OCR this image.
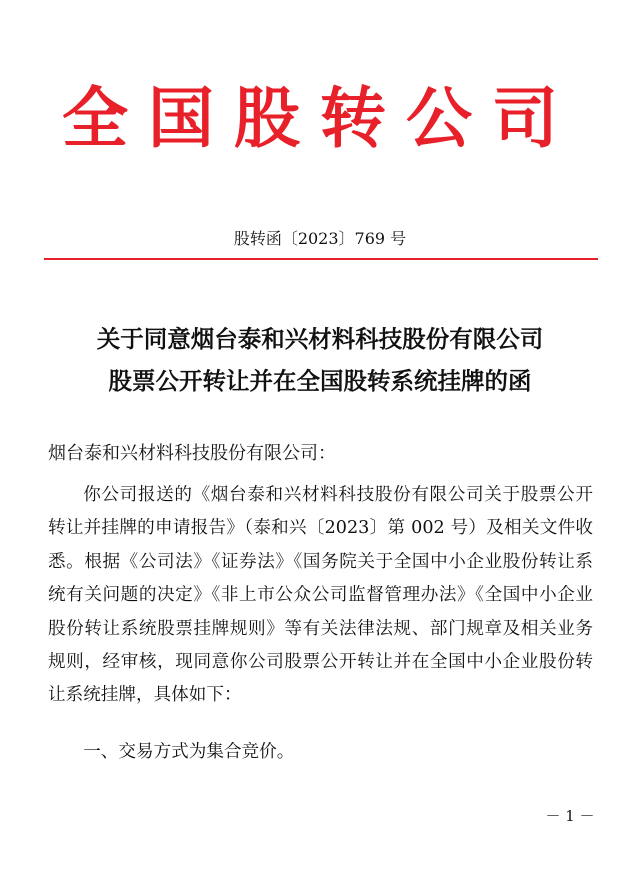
全国股转公司
股转函〔2023〕769 号
关于同意烟台泰和兴材料科技股份有限公司
股票公开转让并在全国股转系统挂牌的函
烟台泰和兴材料科技股份有限公司：
你公司报送的《烟台泰和兴材料科技股份有限公司关于股票公开转让并挂牌的申请报告》（泰和兴〔2023〕第 002 号）及相关文件收悉。根据《公司法》《证券法》《国务院关于全国中小企业股份转让系统有关问题的决定》《非上市公众公司监督管理办法》《全国中小企业股份转让系统股票挂牌规则》等有关法律法规、部门规章及相关业务规则，经审核，现同意你公司股票公开转让并在全国中小企业股份转让系统挂牌，具体如下：
一、交易方式为集合竞价。
－ 1 －
